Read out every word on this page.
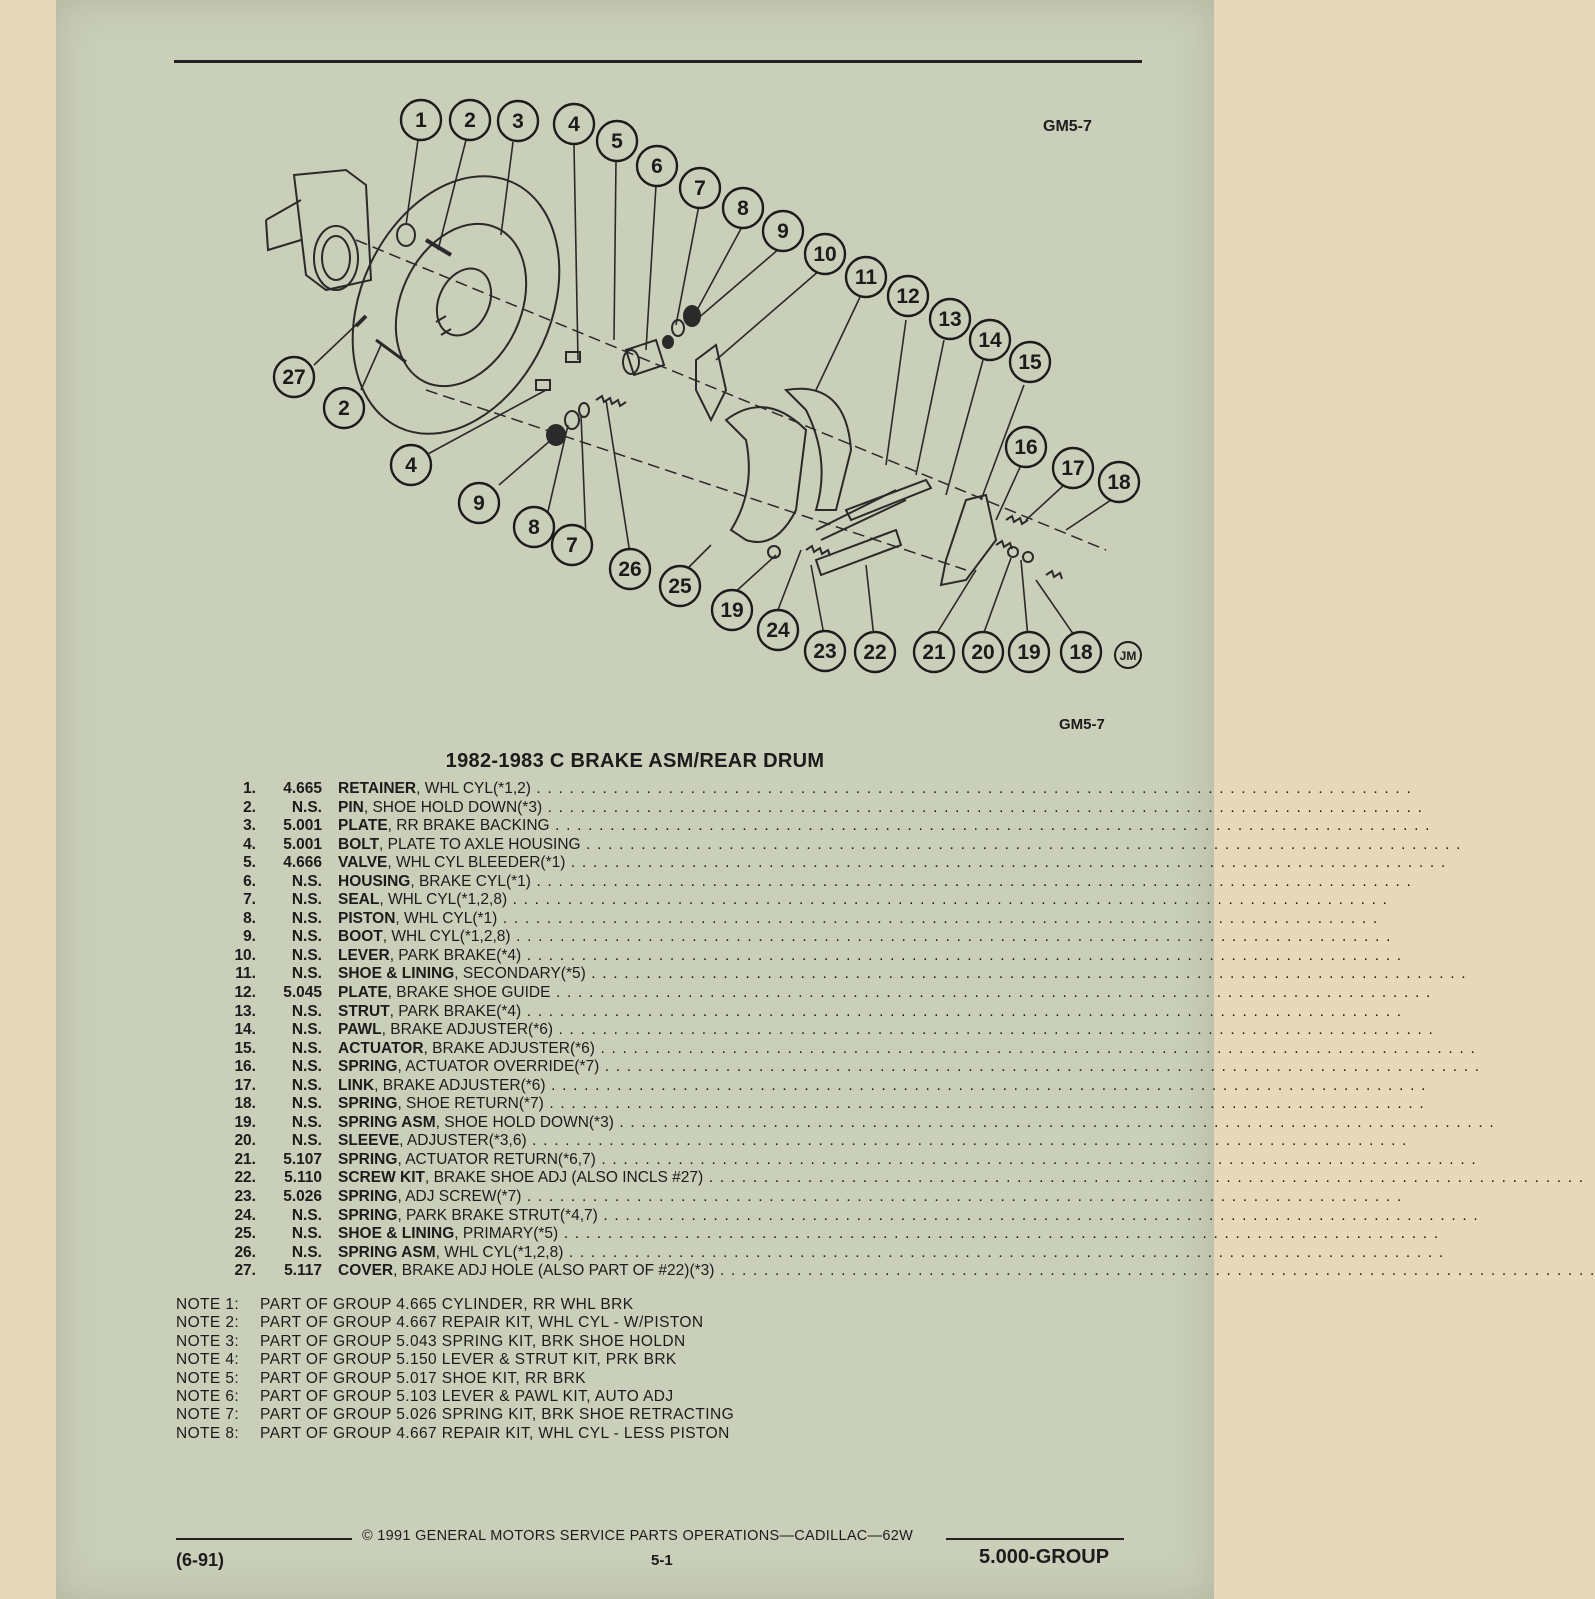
GM5-7
1 2 3 4
5
6
7
8
9
10
11
12
13
14
15
16
17
18
27
2
4
9
8
7
26
25
19
24
23 22 21 20 19 18 JM
GM5-7
1982-1983 C BRAKE ASM/REAR DRUM
1.	4.665 RETAINER, WHL CYL(*1,2) . . . . . . . . . . . . . . . . . . . . . . . . . . . . . . . . . . . . . . . . . . . . . . . . . . . . . . . . . . . . . . . . . . . . . . . . . . . . . . . .
2.	N.S. PIN, SHOE HOLD DOWN(*3) . . . . . . . . . . . . . . . . . . . . . . . . . . . . . . . . . . . . . . . . . . . . . . . . . . . . . . . . . . . . . . . . . . . . . . . . . . . . . . . .
3.	5.001 PLATE, RR BRAKE BACKING . . . . . . . . . . . . . . . . . . . . . . . . . . . . . . . . . . . . . . . . . . . . . . . . . . . . . . . . . . . . . . . . . . . . . . . . . . . . . . . .
4.	5.001 BOLT, PLATE TO AXLE HOUSING . . . . . . . . . . . . . . . . . . . . . . . . . . . . . . . . . . . . . . . . . . . . . . . . . . . . . . . . . . . . . . . . . . . . . . . . . . . . . . . .
5.	4.666 VALVE, WHL CYL BLEEDER(*1) . . . . . . . . . . . . . . . . . . . . . . . . . . . . . . . . . . . . . . . . . . . . . . . . . . . . . . . . . . . . . . . . . . . . . . . . . . . . . . . .
6.	N.S. HOUSING, BRAKE CYL(*1) . . . . . . . . . . . . . . . . . . . . . . . . . . . . . . . . . . . . . . . . . . . . . . . . . . . . . . . . . . . . . . . . . . . . . . . . . . . . . . . .
7.	N.S. SEAL, WHL CYL(*1,2,8) . . . . . . . . . . . . . . . . . . . . . . . . . . . . . . . . . . . . . . . . . . . . . . . . . . . . . . . . . . . . . . . . . . . . . . . . . . . . . . . .
8.	N.S. PISTON, WHL CYL(*1) . . . . . . . . . . . . . . . . . . . . . . . . . . . . . . . . . . . . . . . . . . . . . . . . . . . . . . . . . . . . . . . . . . . . . . . . . . . . . . . .
9.	N.S. BOOT, WHL CYL(*1,2,8) . . . . . . . . . . . . . . . . . . . . . . . . . . . . . . . . . . . . . . . . . . . . . . . . . . . . . . . . . . . . . . . . . . . . . . . . . . . . . . . .
10.	N.S. LEVER, PARK BRAKE(*4) . . . . . . . . . . . . . . . . . . . . . . . . . . . . . . . . . . . . . . . . . . . . . . . . . . . . . . . . . . . . . . . . . . . . . . . . . . . . . . . .
11.	N.S. SHOE & LINING, SECONDARY(*5) . . . . . . . . . . . . . . . . . . . . . . . . . . . . . . . . . . . . . . . . . . . . . . . . . . . . . . . . . . . . . . . . . . . . . . . . . . . . . . . .
12.	5.045 PLATE, BRAKE SHOE GUIDE . . . . . . . . . . . . . . . . . . . . . . . . . . . . . . . . . . . . . . . . . . . . . . . . . . . . . . . . . . . . . . . . . . . . . . . . . . . . . . . .
13.	N.S. STRUT, PARK BRAKE(*4) . . . . . . . . . . . . . . . . . . . . . . . . . . . . . . . . . . . . . . . . . . . . . . . . . . . . . . . . . . . . . . . . . . . . . . . . . . . . . . . .
14.	N.S. PAWL, BRAKE ADJUSTER(*6) . . . . . . . . . . . . . . . . . . . . . . . . . . . . . . . . . . . . . . . . . . . . . . . . . . . . . . . . . . . . . . . . . . . . . . . . . . . . . . . .
15.	N.S. ACTUATOR, BRAKE ADJUSTER(*6) . . . . . . . . . . . . . . . . . . . . . . . . . . . . . . . . . . . . . . . . . . . . . . . . . . . . . . . . . . . . . . . . . . . . . . . . . . . . . . . .
16.	N.S. SPRING, ACTUATOR OVERRIDE(*7) . . . . . . . . . . . . . . . . . . . . . . . . . . . . . . . . . . . . . . . . . . . . . . . . . . . . . . . . . . . . . . . . . . . . . . . . . . . . . . . .
17.	N.S. LINK, BRAKE ADJUSTER(*6) . . . . . . . . . . . . . . . . . . . . . . . . . . . . . . . . . . . . . . . . . . . . . . . . . . . . . . . . . . . . . . . . . . . . . . . . . . . . . . . .
18.	N.S. SPRING, SHOE RETURN(*7) . . . . . . . . . . . . . . . . . . . . . . . . . . . . . . . . . . . . . . . . . . . . . . . . . . . . . . . . . . . . . . . . . . . . . . . . . . . . . . . .
19.	N.S. SPRING ASM, SHOE HOLD DOWN(*3) . . . . . . . . . . . . . . . . . . . . . . . . . . . . . . . . . . . . . . . . . . . . . . . . . . . . . . . . . . . . . . . . . . . . . . . . . . . . . . . .
20.	N.S. SLEEVE, ADJUSTER(*3,6) . . . . . . . . . . . . . . . . . . . . . . . . . . . . . . . . . . . . . . . . . . . . . . . . . . . . . . . . . . . . . . . . . . . . . . . . . . . . . . . .
21.	5.107 SPRING, ACTUATOR RETURN(*6,7) . . . . . . . . . . . . . . . . . . . . . . . . . . . . . . . . . . . . . . . . . . . . . . . . . . . . . . . . . . . . . . . . . . . . . . . . . . . . . . . .
22.	5.110 SCREW KIT, BRAKE SHOE ADJ (ALSO INCLS #27) . . . . . . . . . . . . . . . . . . . . . . . . . . . . . . . . . . . . . . . . . . . . . . . . . . . . . . . . . . . . . . . . . . . . . . . . . . . . . . . .
23.	5.026 SPRING, ADJ SCREW(*7) . . . . . . . . . . . . . . . . . . . . . . . . . . . . . . . . . . . . . . . . . . . . . . . . . . . . . . . . . . . . . . . . . . . . . . . . . . . . . . . .
24.	N.S. SPRING, PARK BRAKE STRUT(*4,7) . . . . . . . . . . . . . . . . . . . . . . . . . . . . . . . . . . . . . . . . . . . . . . . . . . . . . . . . . . . . . . . . . . . . . . . . . . . . . . . .
25.	N.S. SHOE & LINING, PRIMARY(*5) . . . . . . . . . . . . . . . . . . . . . . . . . . . . . . . . . . . . . . . . . . . . . . . . . . . . . . . . . . . . . . . . . . . . . . . . . . . . . . . .
26.	N.S. SPRING ASM, WHL CYL(*1,2,8) . . . . . . . . . . . . . . . . . . . . . . . . . . . . . . . . . . . . . . . . . . . . . . . . . . . . . . . . . . . . . . . . . . . . . . . . . . . . . . . .
27.	5.117 COVER, BRAKE ADJ HOLE (ALSO PART OF #22)(*3) . . . . . . . . . . . . . . . . . . . . . . . . . . . . . . . . . . . . . . . . . . . . . . . . . . . . . . . . . . . . . . . . . . . . . . . . . . . . . . . .
NOTE 1: PART OF GROUP 4.665 CYLINDER, RR WHL BRK
NOTE 2: PART OF GROUP 4.667 REPAIR KIT, WHL CYL - W/PISTON
NOTE 3: PART OF GROUP 5.043 SPRING KIT, BRK SHOE HOLDN
NOTE 4: PART OF GROUP 5.150 LEVER & STRUT KIT, PRK BRK
NOTE 5: PART OF GROUP 5.017 SHOE KIT, RR BRK
NOTE 6: PART OF GROUP 5.103 LEVER & PAWL KIT, AUTO ADJ
NOTE 7: PART OF GROUP 5.026 SPRING KIT, BRK SHOE RETRACTING
NOTE 8: PART OF GROUP 4.667 REPAIR KIT, WHL CYL - LESS PISTON
© 1991 GENERAL MOTORS SERVICE PARTS OPERATIONS—CADILLAC—62W
(6-91)	5-1	5.000-GROUP
